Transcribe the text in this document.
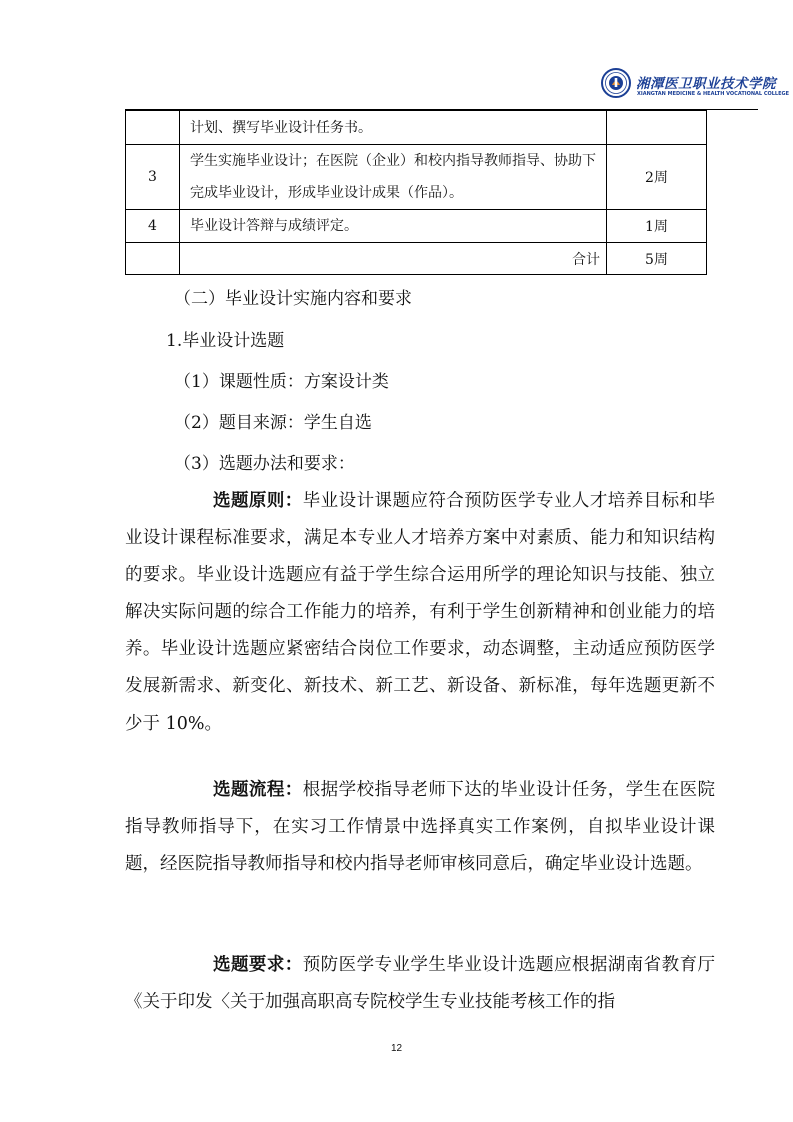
湘潭医卫职业技术学院
XIANGTAN MEDICINE & HEALTH VOCATIONAL COLLEGE
	计划、撰写毕业设计任务书。	
3	学生实施毕业设计；在医院（企业）和校内指导教师指导、协助下完成毕业设计，形成毕业设计成果（作品）。	2周
4	毕业设计答辩与成绩评定。	1周
	合计	5周
（二）毕业设计实施内容和要求
1.毕业设计选题
（1）课题性质：方案设计类
（2）题目来源：学生自选
（3）选题办法和要求：

选题原则：毕业设计课题应符合预防医学专业人才培养目标和毕业设计课程标准要求，满足本专业人才培养方案中对素质、能力和知识结构的要求。毕业设计选题应有益于学生综合运用所学的理论知识与技能、独立解决实际问题的综合工作能力的培养，有利于学生创新精神和创业能力的培养。毕业设计选题应紧密结合岗位工作要求，动态调整，主动适应预防医学发展新需求、新变化、新技术、新工艺、新设备、新标准，每年选题更新不少于 10%。

选题流程：根据学校指导老师下达的毕业设计任务，学生在医院指导教师指导下，在实习工作情景中选择真实工作案例，自拟毕业设计课题，经医院指导教师指导和校内指导老师审核同意后，确定毕业设计选题。

选题要求：预防医学专业学生毕业设计选题应根据湖南省教育厅《关于印发〈关于加强高职高专院校学生专业技能考核工作的指

12
